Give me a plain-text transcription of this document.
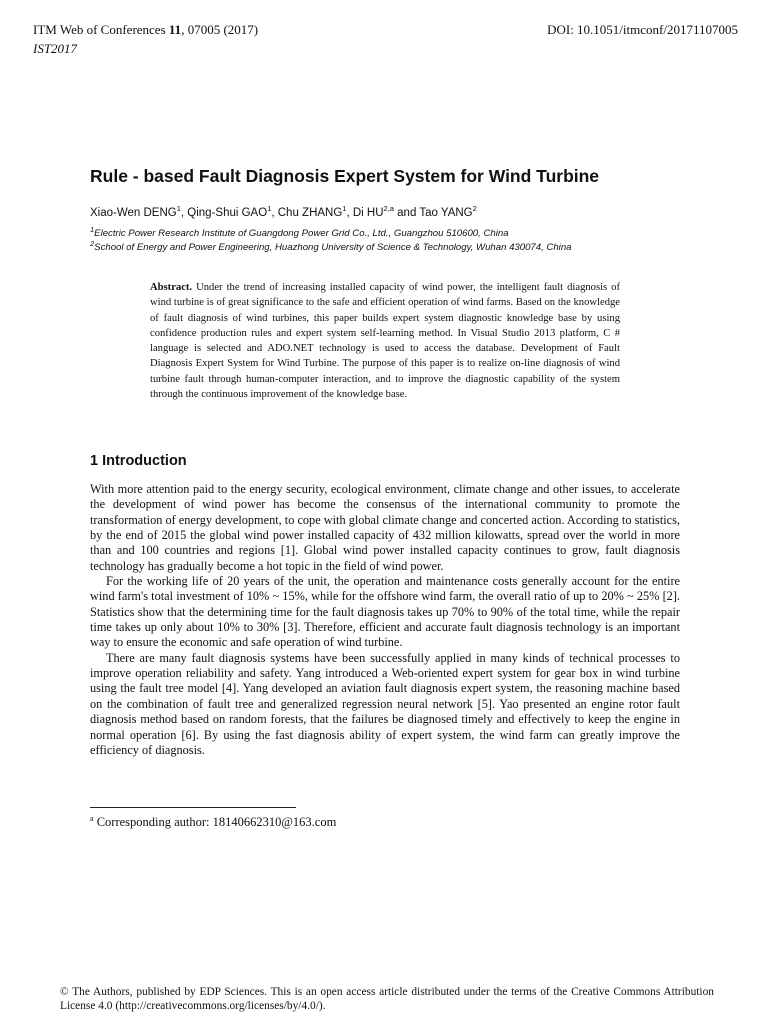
ITM Web of Conferences 11, 07005 (2017)	DOI: 10.1051/itmconf/20171107005
IST2017
Rule - based Fault Diagnosis Expert System for Wind Turbine
Xiao-Wen DENG$^1$, Qing-Shui GAO$^1$, Chu ZHANG$^1$, Di HU$^{2,a}$ and Tao YANG$^2$
$^1$Electric Power Research Institute of Guangdong Power Grid Co., Ltd., Guangzhou 510600, China
$^2$School of Energy and Power Engineering, Huazhong University of Science & Technology, Wuhan 430074, China

Abstract. Under the trend of increasing installed capacity of wind power, the intelligent fault diagnosis of wind turbine is of great significance to the safe and efficient operation of wind farms. Based on the knowledge of fault diagnosis of wind turbines, this paper builds expert system diagnostic knowledge base by using confidence production rules and expert system self-learning method. In Visual Studio 2013 platform, C # language is selected and ADO.NET technology is used to access the database. Development of Fault Diagnosis Expert System for Wind Turbine. The purpose of this paper is to realize on-line diagnosis of wind turbine fault through human-computer interaction, and to improve the diagnostic capability of the system through the continuous improvement of the knowledge base.

1 Introduction

With more attention paid to the energy security, ecological environment, climate change and other issues, to accelerate the development of wind power has become the consensus of the international community to promote the transformation of energy development, to cope with global climate change and concerted action. According to statistics, by the end of 2015 the global wind power installed capacity of 432 million kilowatts, spread over the world in more than and 100 countries and regions [1]. Global wind power installed capacity continues to grow, fault diagnosis technology has gradually become a hot topic in the field of wind power.

For the working life of 20 years of the unit, the operation and maintenance costs generally account for the entire wind farm's total investment of 10% ~ 15%, while for the offshore wind farm, the overall ratio of up to 20% ~ 25% [2]. Statistics show that the determining time for the fault diagnosis takes up 70% to 90% of the total time, while the repair time takes up only about 10% to 30% [3]. Therefore, efficient and accurate fault diagnosis technology is an important way to ensure the economic and safe operation of wind turbine.

There are many fault diagnosis systems have been successfully applied in many kinds of technical processes to improve operation reliability and safety. Yang introduced a Web-oriented expert system for gear box in wind turbine using the fault tree model [4]. Yang developed an aviation fault diagnosis expert system, the reasoning machine based on the combination of fault tree and generalized regression neural network [5]. Yao presented an engine rotor fault diagnosis method based on random forests, that the failures be diagnosed timely and effectively to keep the engine in normal operation [6]. By using the fast diagnosis ability of expert system, the wind farm can greatly improve the efficiency of diagnosis.

$^a$ Corresponding author: 18140662310@163.com
© The Authors, published by EDP Sciences. This is an open access article distributed under the terms of the Creative Commons Attribution License 4.0 (http://creativecommons.org/licenses/by/4.0/).
